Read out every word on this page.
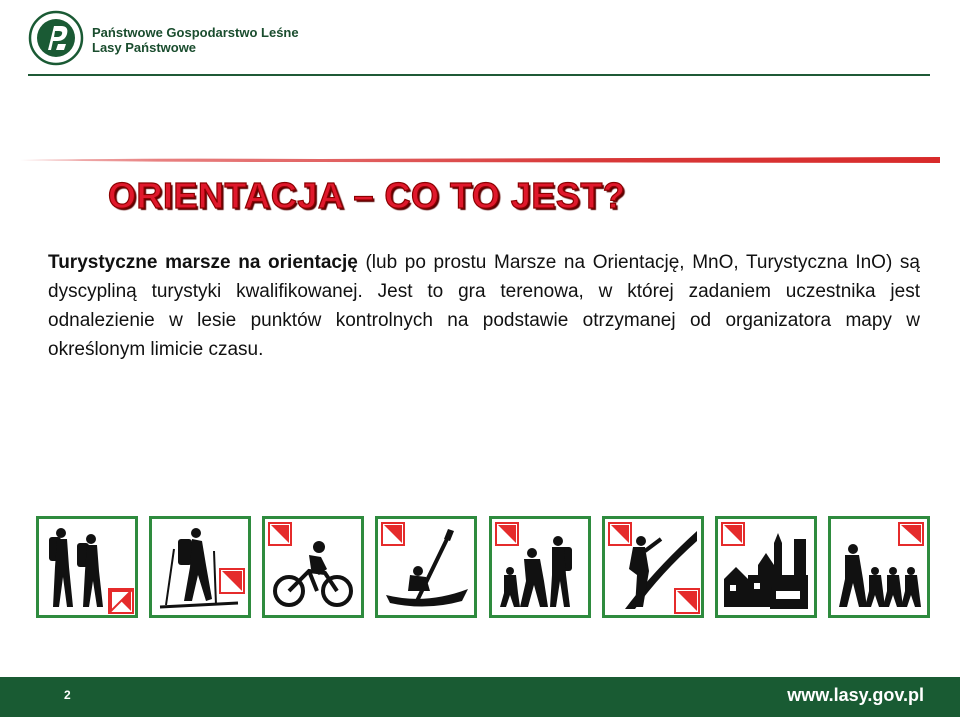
Państwowe Gospodarstwo Leśne
Lasy Państwowe
ORIENTACJA – CO TO JEST?
Turystyczne marsze na orientację (lub po prostu Marsze na Orientację, MnO, Turystyczna InO) są dyscypliną turystyki kwalifikowanej. Jest to gra terenowa, w której zadaniem uczestnika jest odnalezienie w lesie punktów kontrolnych na podstawie otrzymanej od organizatora mapy w określonym limicie czasu.
2	www.lasy.gov.pl
